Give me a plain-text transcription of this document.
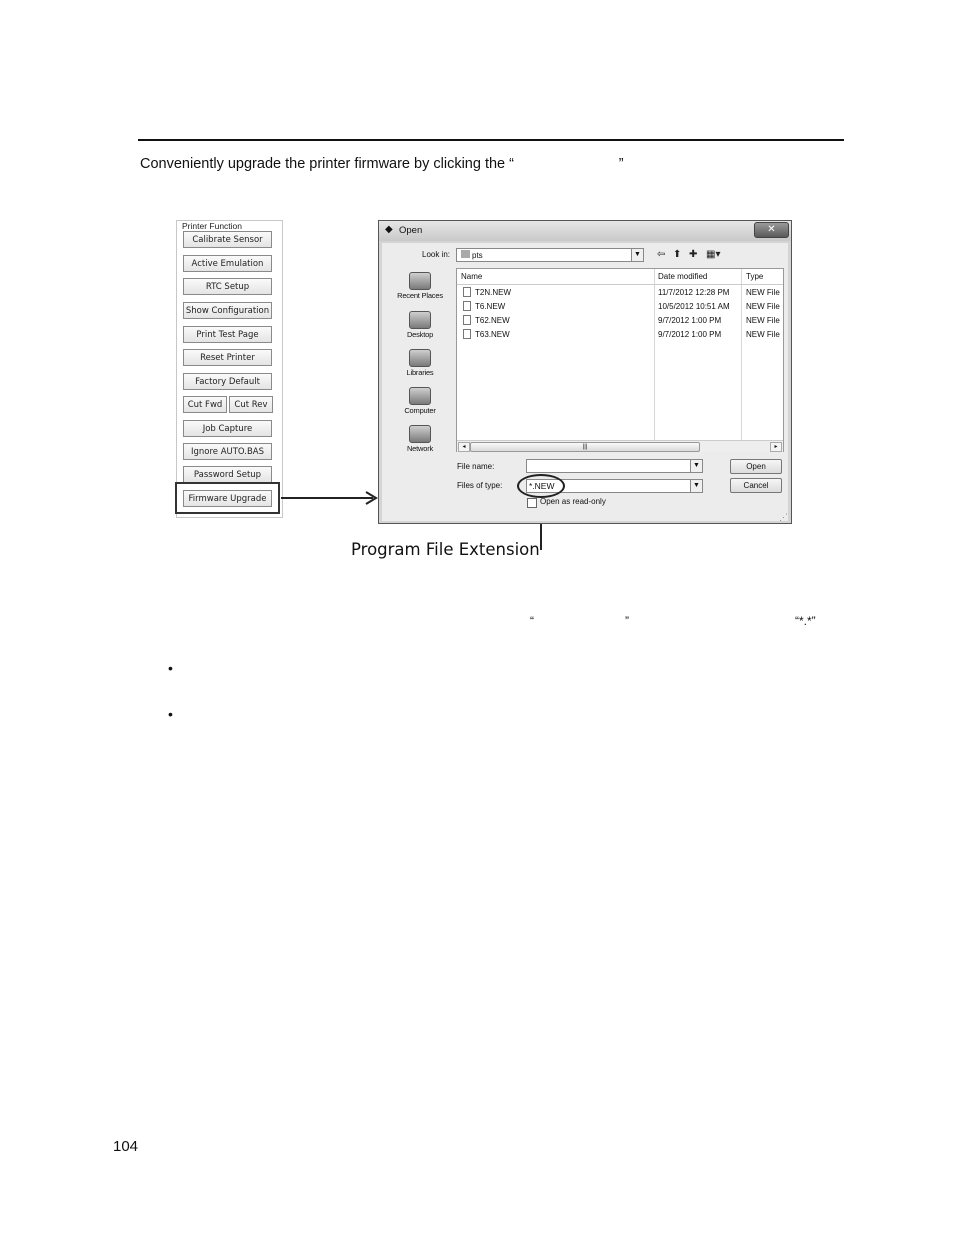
Conveniently upgrade the printer firmware by clicking the “                          ”
Printer Function
Calibrate Sensor
Active Emulation
RTC Setup
Show Configuration
Print Test Page
Reset Printer
Factory Default
Cut Fwd	Cut Rev
Job Capture
Ignore AUTO.BAS
Password Setup
Firmware Upgrade
Program File Extension
◆ Open	✕
Look in:	▼
pts	⇦ ⬆ ✚ ▦▾
Recent Places
Desktop
Libraries
Computer
Network
Name	Date modified	Type
T2N.NEW	11/7/2012 12:28 PM NEW File
T6.NEW	10/5/2012 10:51 AM NEW File
T62.NEW	9/7/2012 1:00 PM	NEW File
T63.NEW	9/7/2012 1:00 PM	NEW File
◂	|||	▸
File name:	▼
Files of type:	▼
*.NEW
Open
Cancel
Open as read-only
⋰
“	”	“*.*”
•
•
104
